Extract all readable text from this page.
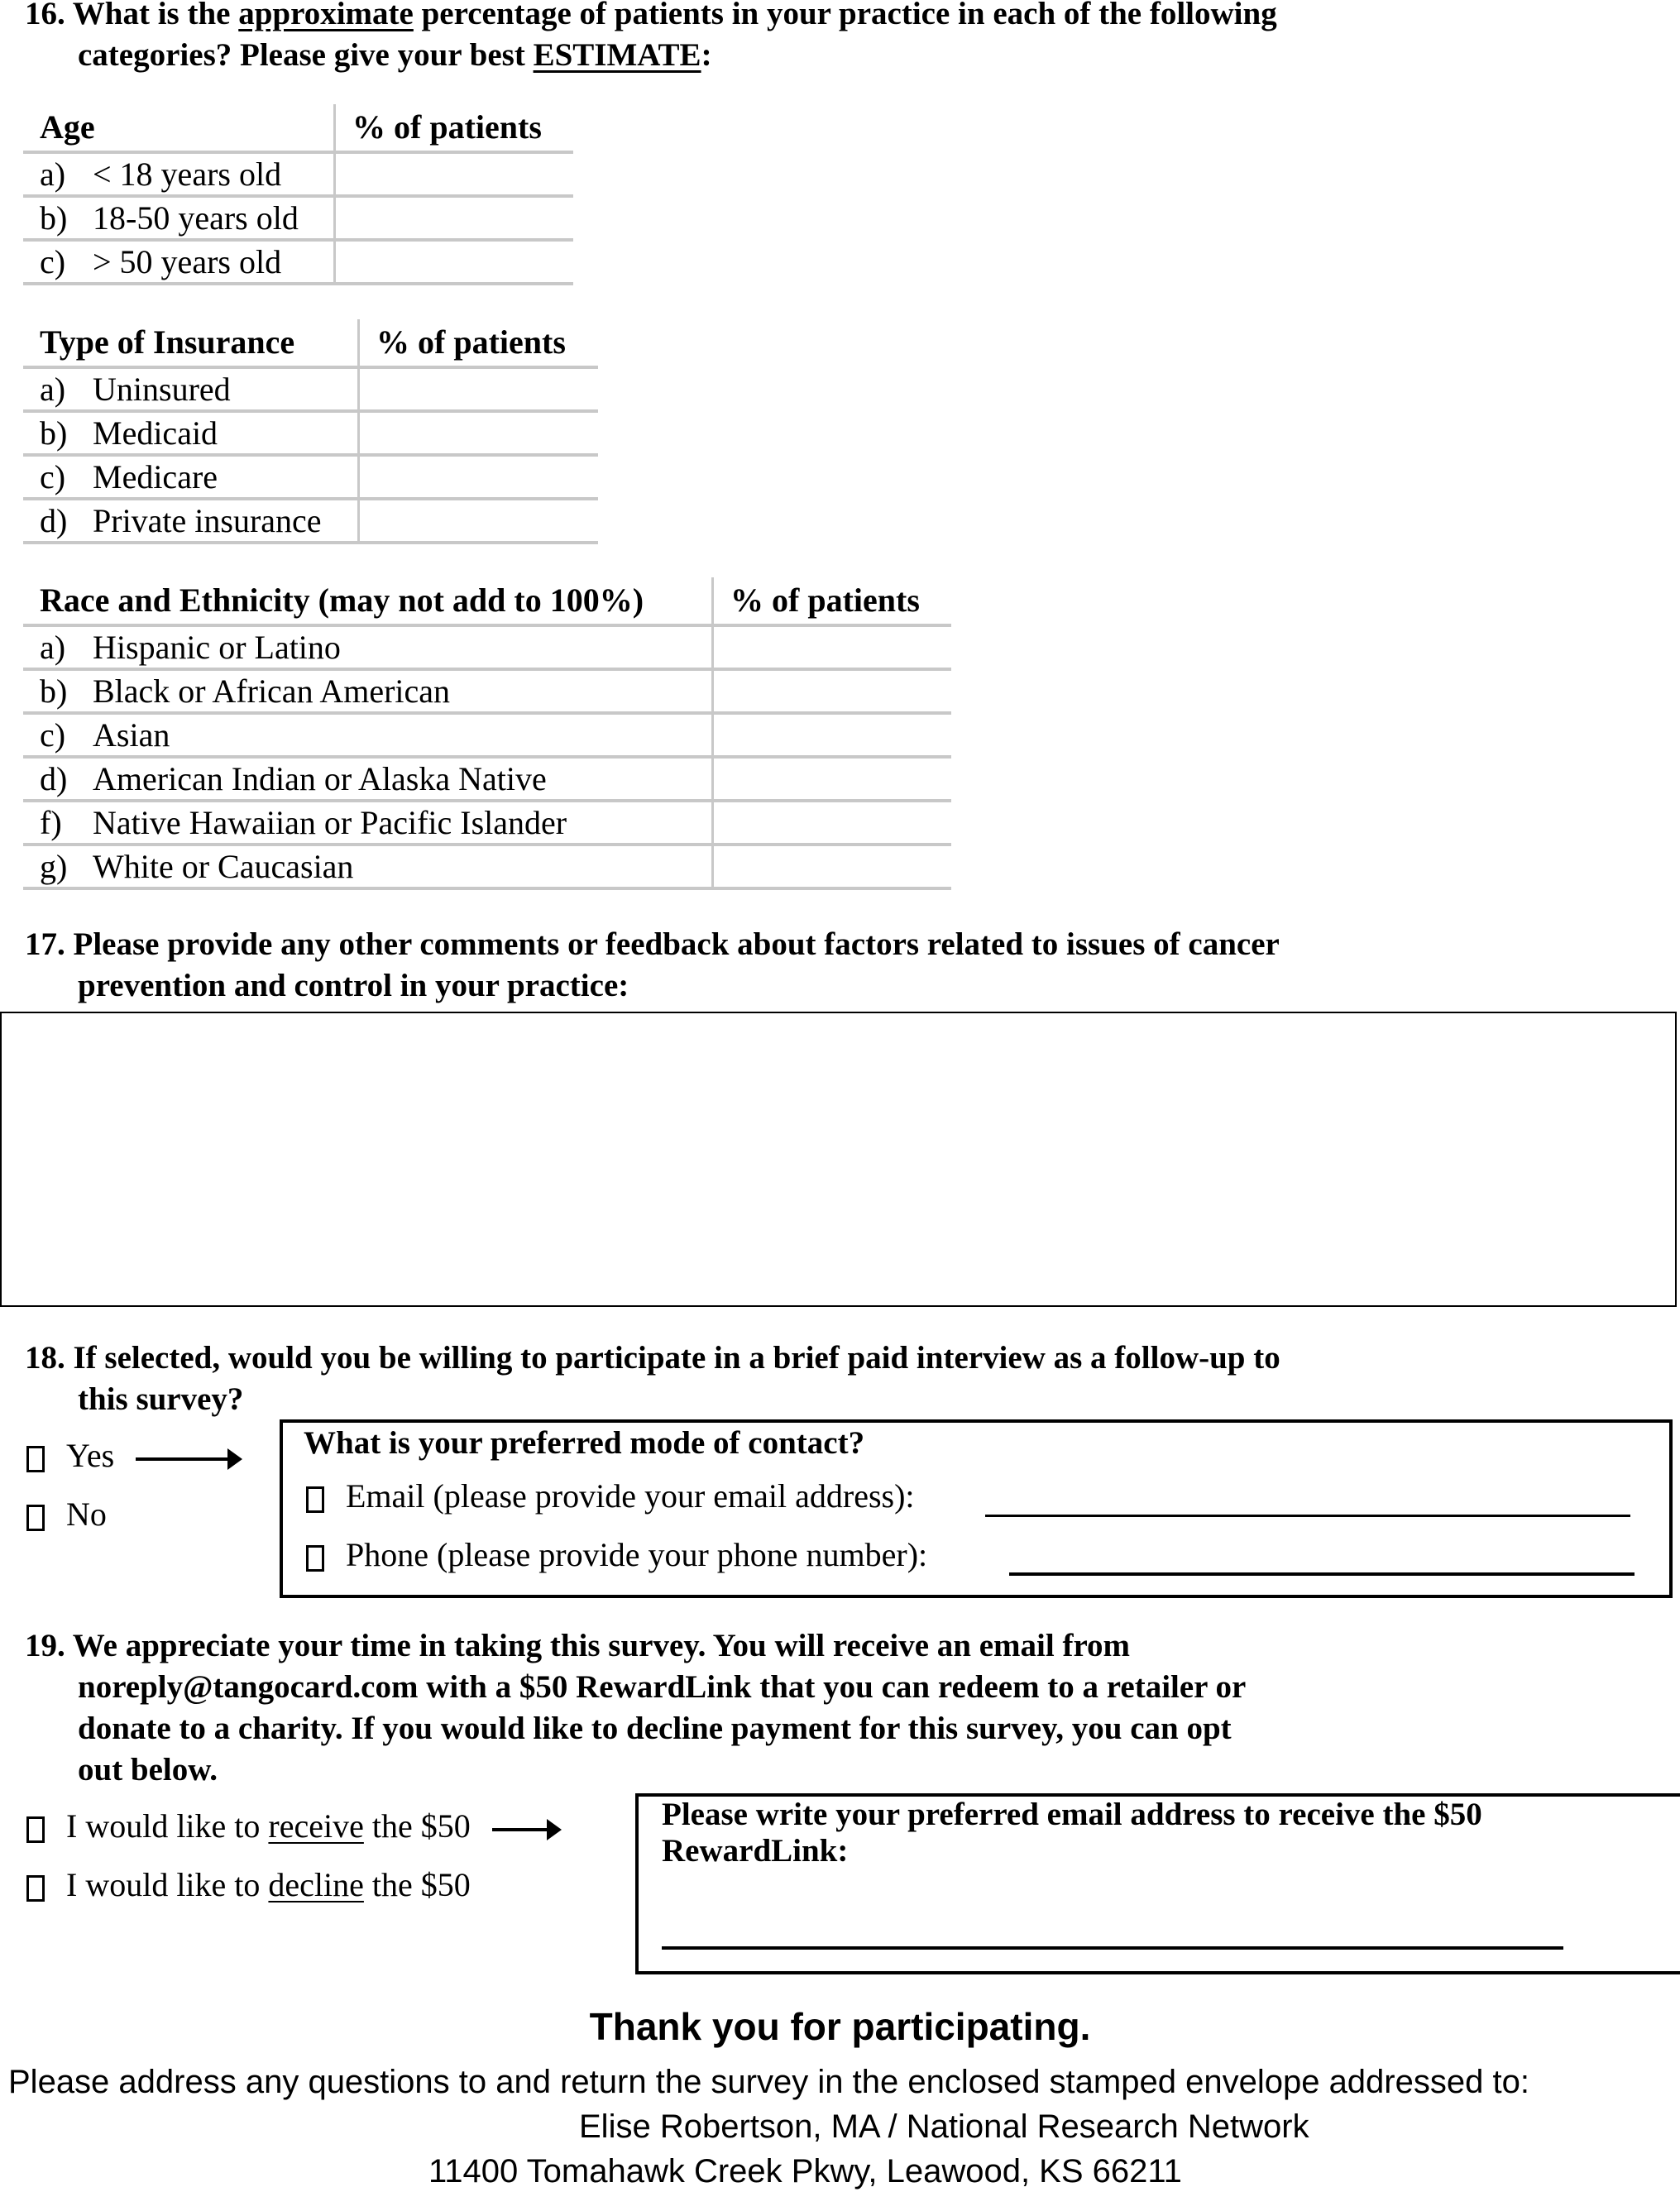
16. What is the approximate percentage of patients in your practice in each of the following
categories? Please give your best ESTIMATE:
Age	% of patients
a) < 18 years old	
b) 18-50 years old	
c) > 50 years old	
Type of Insurance	% of patients
a) Uninsured	
b) Medicaid	
c) Medicare	
d) Private insurance	
Race and Ethnicity (may not add to 100%)	% of patients
a) Hispanic or Latino	
b) Black or African American	
c) Asian	
d) American Indian or Alaska Native	
f) Native Hawaiian or Pacific Islander	
g) White or Caucasian	
17. Please provide any other comments or feedback about factors related to issues of cancer
prevention and control in your practice:
18. If selected, would you be willing to participate in a brief paid interview as a follow-up to
this survey?
Yes
No
What is your preferred mode of contact?
Email (please provide your email address):
Phone (please provide your phone number):
19. We appreciate your time in taking this survey. You will receive an email from
noreply@tangocard.com with a $50 RewardLink that you can redeem to a retailer or
donate to a charity. If you would like to decline payment for this survey, you can opt
out below.
I would like to receive the $50
I would like to decline the $50
Please write your preferred email address to receive the $50
RewardLink:
Thank you for participating.
Please address any questions to and return the survey in the enclosed stamped envelope addressed to:
Elise Robertson, MA / National Research Network
11400 Tomahawk Creek Pkwy, Leawood, KS 66211
